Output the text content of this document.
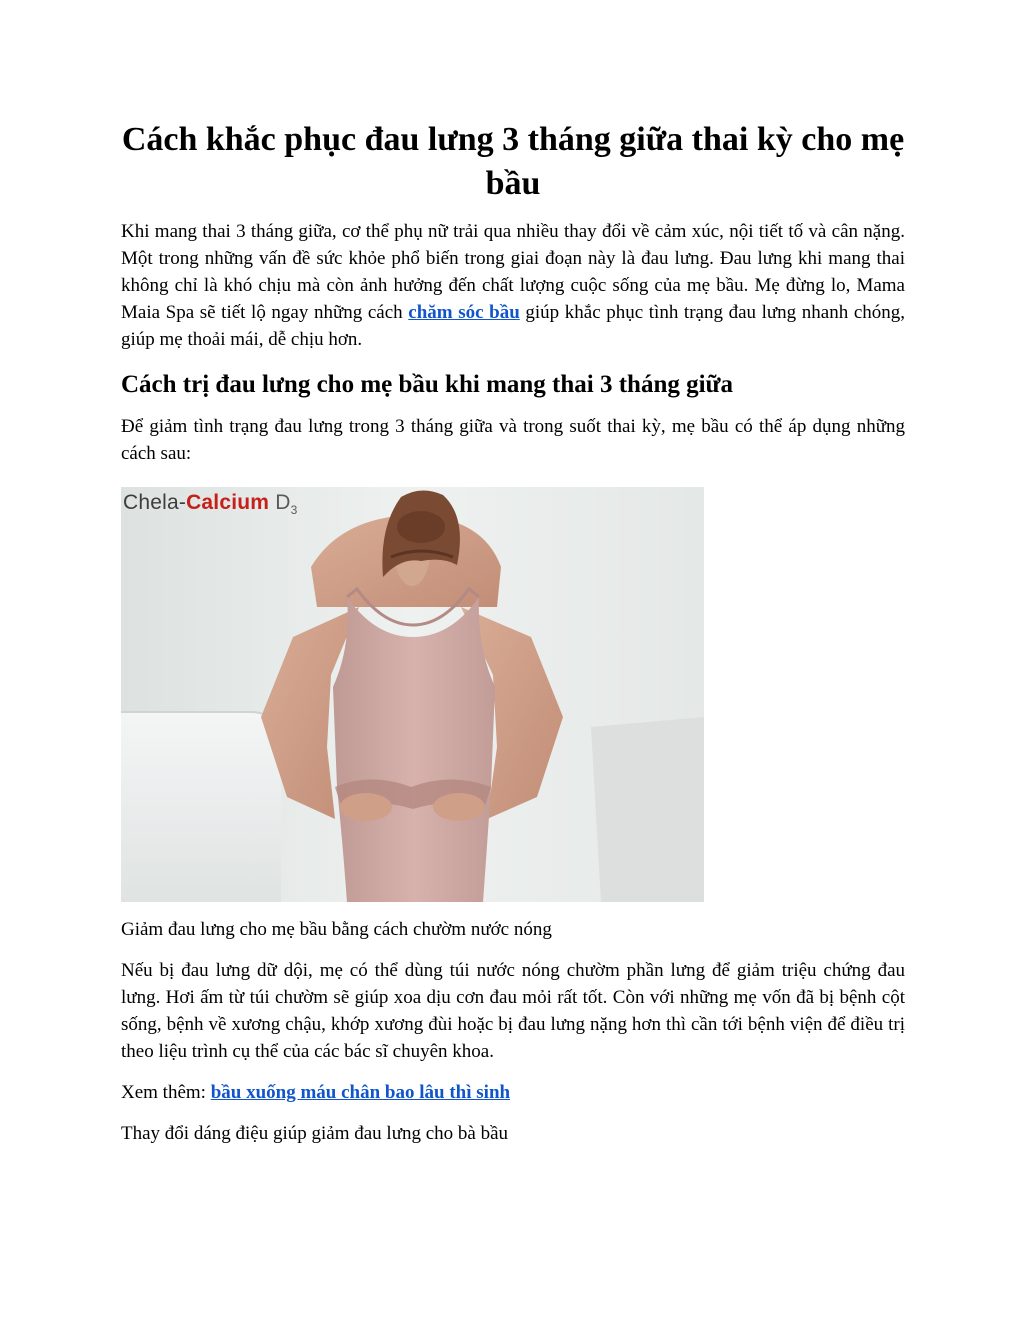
Cách khắc phục đau lưng 3 tháng giữa thai kỳ cho mẹ bầu

Khi mang thai 3 tháng giữa, cơ thể phụ nữ trải qua nhiều thay đổi về cảm xúc, nội tiết tố và cân nặng. Một trong những vấn đề sức khỏe phổ biến trong giai đoạn này là đau lưng. Đau lưng khi mang thai không chỉ là khó chịu mà còn ảnh hưởng đến chất lượng cuộc sống của mẹ bầu. Mẹ đừng lo, Mama Maia Spa sẽ tiết lộ ngay những cách chăm sóc bầu giúp khắc phục tình trạng đau lưng nhanh chóng, giúp mẹ thoải mái, dễ chịu hơn.

Cách trị đau lưng cho mẹ bầu khi mang thai 3 tháng giữa

Để giảm tình trạng đau lưng trong 3 tháng giữa và trong suốt thai kỳ, mẹ bầu có thể áp dụng những cách sau:

Chela-Calcium $D_3$

Giảm đau lưng cho mẹ bầu bằng cách chườm nước nóng

Nếu bị đau lưng dữ dội, mẹ có thể dùng túi nước nóng chườm phần lưng để giảm triệu chứng đau lưng. Hơi ấm từ túi chườm sẽ giúp xoa dịu cơn đau mỏi rất tốt. Còn với những mẹ vốn đã bị bệnh cột sống, bệnh về xương chậu, khớp xương đùi hoặc bị đau lưng nặng hơn thì cần tới bệnh viện để điều trị theo liệu trình cụ thể của các bác sĩ chuyên khoa.

Xem thêm: bầu xuống máu chân bao lâu thì sinh

Thay đổi dáng điệu giúp giảm đau lưng cho bà bầu
